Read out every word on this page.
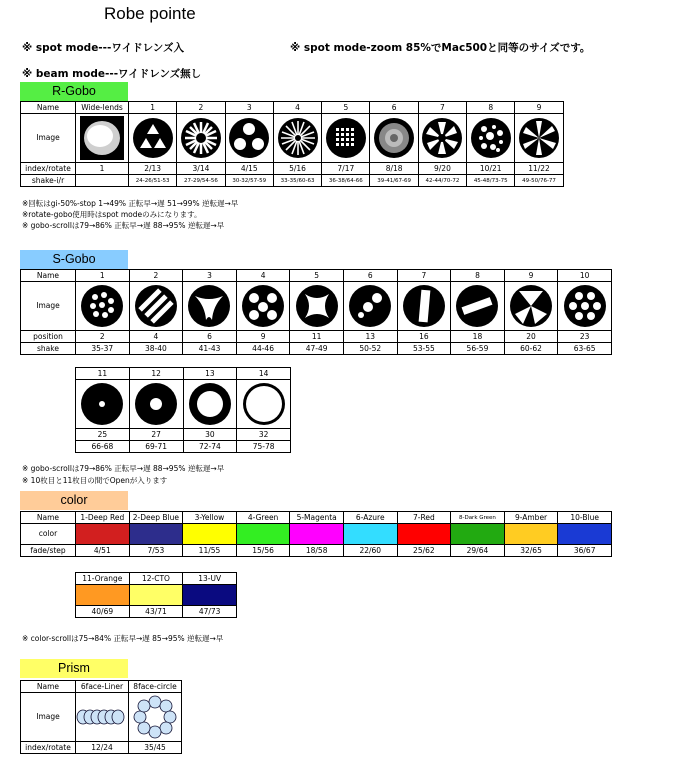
Robe pointe
※ spot mode---ワイドレンズ入	※ spot mode-zoom 85%でMac500と同等のサイズです。
※ beam mode---ワイドレンズ無し
R-Gobo
Name	Wide-lends	1	2	3	4	5	6	7	8	9
Image	

index/rotate	1	2/13	3/14	4/15	5/16	7/17	8/18	9/20	10/21	11/22
shake-i/r		24-26/51-53	27-29/54-56	30-32/57-59	33-35/60-63	36-38/64-66	39-41/67-69	42-44/70-72	45-48/73-75	49-50/76-77
※回転はgi-50%-stop 1→49% 正転早→遅 51→99% 逆転遅→早
※rotate-gobo使用時はspot modeのみになります。
※ gobo-scrollは79→86% 正転早→遅 88→95% 逆転遅→早
S-Gobo
Name	1	2	3	4	5	6	7	8	9	10
Image	

position	2	4	6	9	11	13	16	18	20	23
shake	35-37	38-40	41-43	44-46	47-49	50-52	53-55	56-59	60-62	63-65
11	12	13	14

25	27	30	32
66-68	69-71	72-74	75-78
※ gobo-scrollは79→86% 正転早→遅 88→95% 逆転遅→早
※ 10枚目と11枚目の間でOpenが入ります
color
Name	1-Deep Red	2-Deep Blue	3-Yellow	4-Green	5-Magenta	6-Azure	7-Red	8-Dark Green	9-Amber	10-Blue
color										
fade/step	4/51	7/53	11/55	15/56	18/58	22/60	25/62	29/64	32/65	36/67
11-Orange	12-CTO	13-UV

40/69	43/71	47/73
※ color-scrollは75→84% 正転早→遅 85→95% 逆転遅→早
Prism
Name	6face-Liner	8face-circle
Image	

index/rotate	12/24	35/45
